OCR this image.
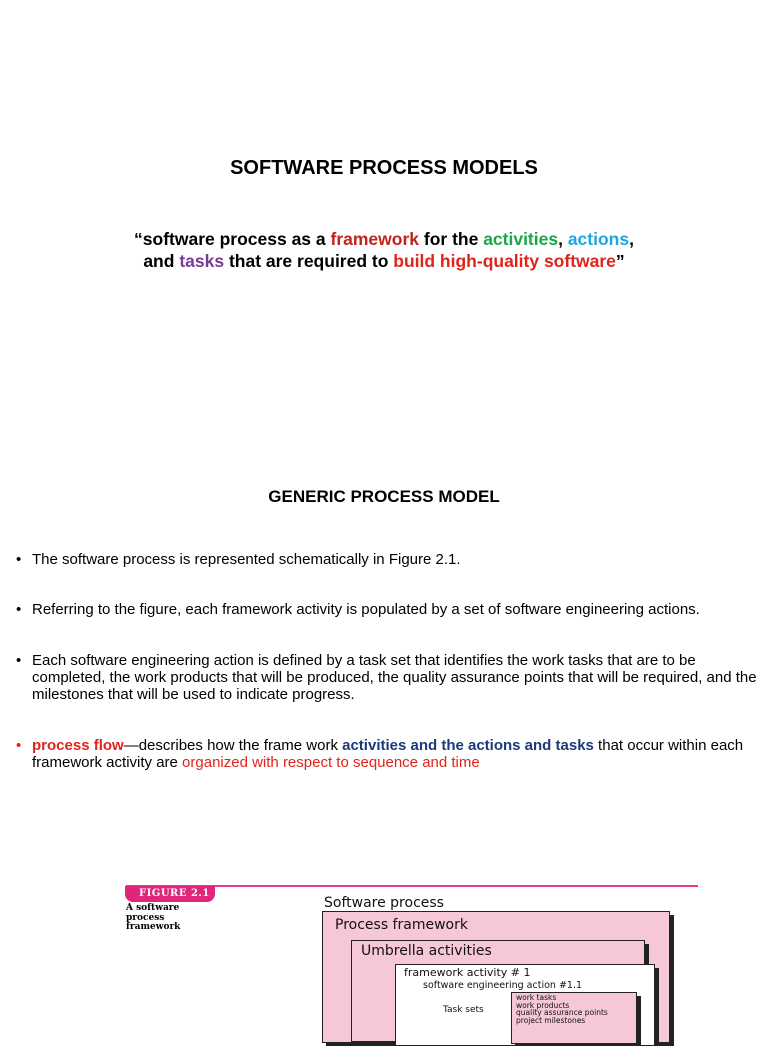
SOFTWARE PROCESS MODELS
“software process as a framework for the activities, actions,
and tasks that are required to build high-quality software”
GENERIC PROCESS MODEL
• The software process is represented schematically in Figure 2.1.
• Referring to the figure, each framework activity is populated by a set of software engineering actions.
• Each software engineering action is defined by a task set that identifies the work tasks that are to be completed, the work products that will be produced, the quality assurance points that will be required, and the milestones that will be used to indicate progress.
• process flow—describes how the frame work activities and the actions and tasks that occur within each framework activity are organized with respect to sequence and time
FIGURE 2.1
A software process framework
Software process
Process framework
Umbrella activities
framework activity # 1
software engineering action #1.1
Task sets
work tasks
work products
quality assurance points
project milestones
